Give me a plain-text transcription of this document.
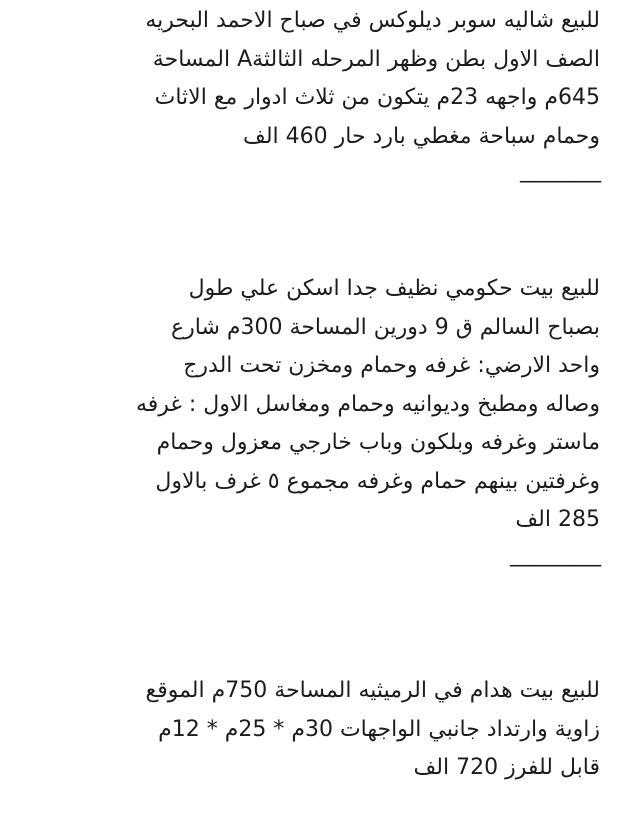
للبيع شاليه سوبر ديلوكس في صباح الاحمد البحريه
الصف الاول بطن وظهر المرحله الثالثةA المساحة
645م واجهه 23م يتكون من ثلاث ادوار مع الاثاث
وحمام سباحة مغطي بارد حار 460 الف
________
للبيع بيت حكومي نظيف جدا اسكن علي طول
بصباح السالم ق 9 دورين المساحة 300م شارع
واحد الارضي: غرفه وحمام ومخزن تحت الدرج
وصاله ومطبخ وديوانيه وحمام ومغاسل الاول : غرفه
ماستر وغرفه وبلكون وباب خارجي معزول وحمام
وغرفتين بينهم حمام وغرفه مجموع ٥ غرف بالاول
285 الف
_________
للبيع بيت هدام في الرميثيه المساحة 750م الموقع
زاوية وارتداد جانبي الواجهات 30م * 25م * 12م
قابل للفرز 720 الف
